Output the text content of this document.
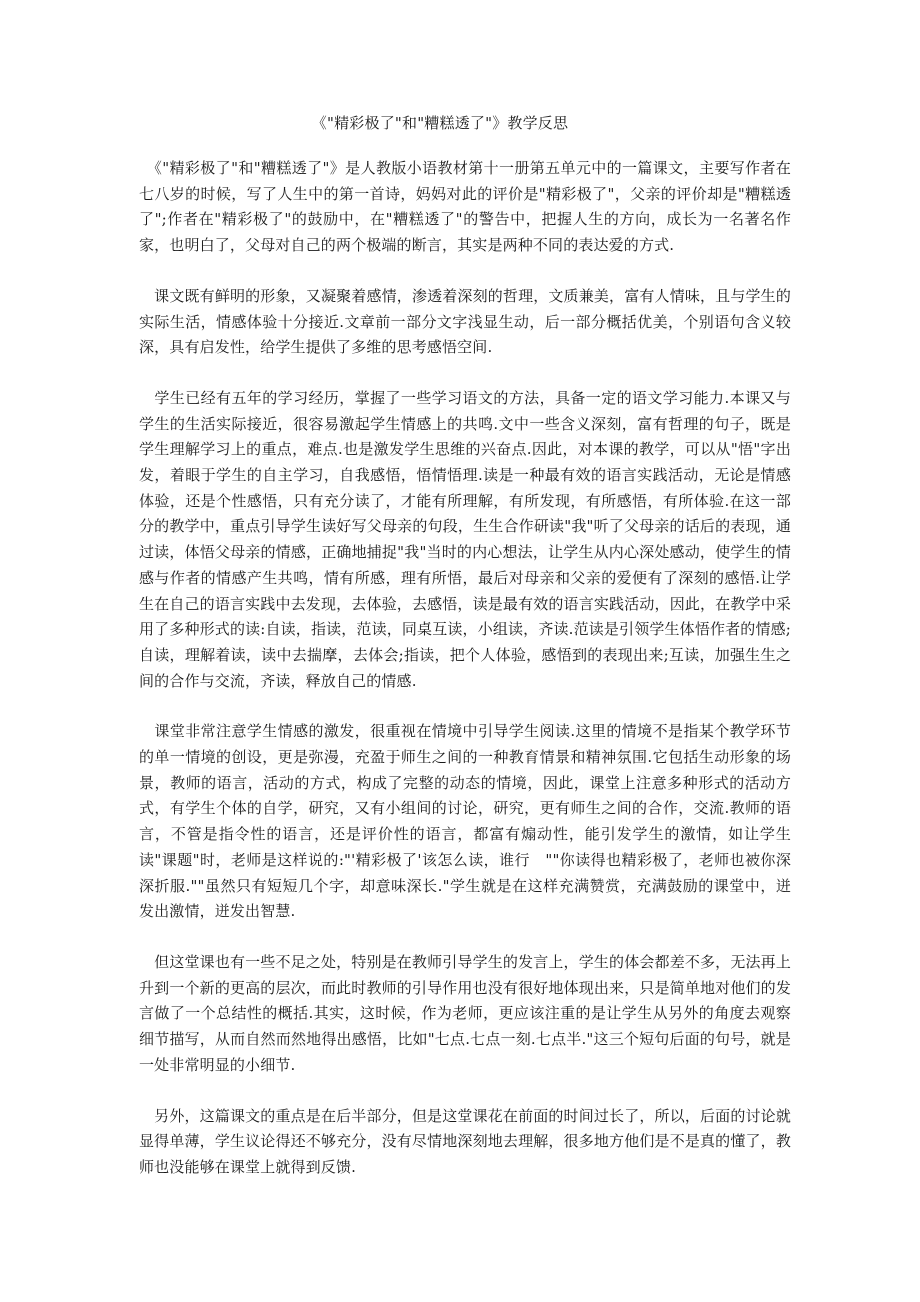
《"精彩极了"和"糟糕透了"》教学反思

　《"精彩极了"和"糟糕透了"》是人教版小语教材第十一册第五单元中的一篇课文，主要写作者在七八岁的时候，写了人生中的第一首诗，妈妈对此的评价是"精彩极了"，父亲的评价却是"糟糕透了";作者在"精彩极了"的鼓励中，在"糟糕透了"的警告中，把握人生的方向，成长为一名著名作家，也明白了，父母对自己的两个极端的断言，其实是两种不同的表达爱的方式.

　课文既有鲜明的形象，又凝聚着感情，渗透着深刻的哲理，文质兼美，富有人情味，且与学生的实际生活，情感体验十分接近.文章前一部分文字浅显生动，后一部分概括优美，个别语句含义较深，具有启发性，给学生提供了多维的思考感悟空间.

　学生已经有五年的学习经历，掌握了一些学习语文的方法，具备一定的语文学习能力.本课又与学生的生活实际接近，很容易激起学生情感上的共鸣.文中一些含义深刻，富有哲理的句子，既是学生理解学习上的重点，难点.也是激发学生思维的兴奋点.因此，对本课的教学，可以从"悟"字出发，着眼于学生的自主学习，自我感悟，悟情悟理.读是一种最有效的语言实践活动，无论是情感体验，还是个性感悟，只有充分读了，才能有所理解，有所发现，有所感悟，有所体验.在这一部分的教学中，重点引导学生读好写父母亲的句段，生生合作研读"我"听了父母亲的话后的表现，通过读，体悟父母亲的情感，正确地捕捉"我"当时的内心想法，让学生从内心深处感动，使学生的情感与作者的情感产生共鸣，情有所感，理有所悟，最后对母亲和父亲的爱便有了深刻的感悟.让学生在自己的语言实践中去发现，去体验，去感悟，读是最有效的语言实践活动，因此，在教学中采用了多种形式的读:自读，指读，范读，同桌互读，小组读，齐读.范读是引领学生体悟作者的情感;自读，理解着读，读中去揣摩，去体会;指读，把个人体验，感悟到的表现出来;互读，加强生生之间的合作与交流，齐读，释放自己的情感.

　课堂非常注意学生情感的激发，很重视在情境中引导学生阅读.这里的情境不是指某个教学环节的单一情境的创设，更是弥漫，充盈于师生之间的一种教育情景和精神氛围.它包括生动形象的场景，教师的语言，活动的方式，构成了完整的动态的情境，因此，课堂上注意多种形式的活动方式，有学生个体的自学，研究，又有小组间的讨论，研究，更有师生之间的合作，交流.教师的语言，不管是指令性的语言，还是评价性的语言，都富有煽动性，能引发学生的激情，如让学生读"课题"时，老师是这样说的:"'精彩极了'该怎么读，谁行　""你读得也精彩极了，老师也被你深深折服.""虽然只有短短几个字，却意味深长."学生就是在这样充满赞赏，充满鼓励的课堂中，迸发出激情，迸发出智慧.

　但这堂课也有一些不足之处，特别是在教师引导学生的发言上，学生的体会都差不多，无法再上升到一个新的更高的层次，而此时教师的引导作用也没有很好地体现出来，只是简单地对他们的发言做了一个总结性的概括.其实，这时候，作为老师，更应该注重的是让学生从另外的角度去观察细节描写，从而自然而然地得出感悟，比如"七点.七点一刻.七点半."这三个短句后面的句号，就是一处非常明显的小细节.

　另外，这篇课文的重点是在后半部分，但是这堂课花在前面的时间过长了，所以，后面的讨论就显得单薄，学生议论得还不够充分，没有尽情地深刻地去理解，很多地方他们是不是真的懂了，教师也没能够在课堂上就得到反馈.
